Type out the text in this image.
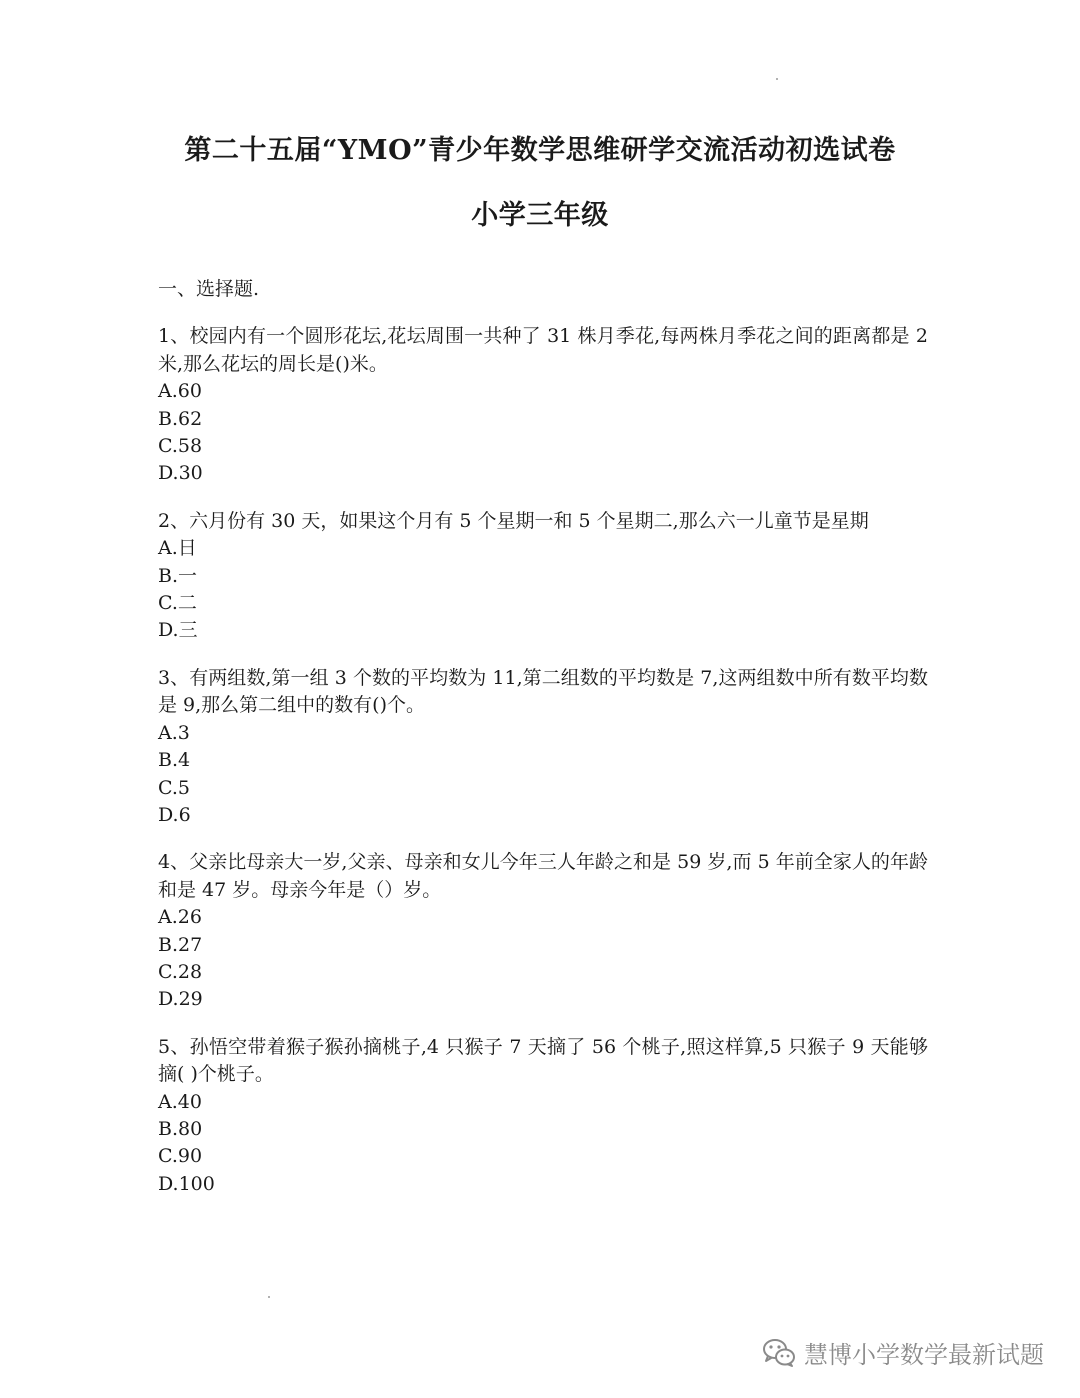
第二十五届“YMO”青少年数学思维研学交流活动初选试卷
小学三年级

一、选择题.

1、校园内有一个圆形花坛,花坛周围一共种了 31 株月季花,每两株月季花之间的距离都是 2 米,那么花坛的周长是()米。

A.60
B.62
C.58
D.30

2、六月份有 30 天，如果这个月有 5 个星期一和 5 个星期二,那么六一儿童节是星期

A.日
B.一
C.二
D.三

3、有两组数,第一组 3 个数的平均数为 11,第二组数的平均数是 7,这两组数中所有数平均数是 9,那么第二组中的数有()个。

A.3
B.4
C.5
D.6

4、父亲比母亲大一岁,父亲、母亲和女儿今年三人年龄之和是 59 岁,而 5 年前全家人的年龄和是 47 岁。母亲今年是（）岁。

A.26
B.27
C.28
D.29

5、孙悟空带着猴子猴孙摘桃子,4 只猴子 7 天摘了 56 个桃子,照这样算,5 只猴子 9 天能够摘( )个桃子。

A.40
B.80
C.90
D.100
慧博小学数学最新试题
